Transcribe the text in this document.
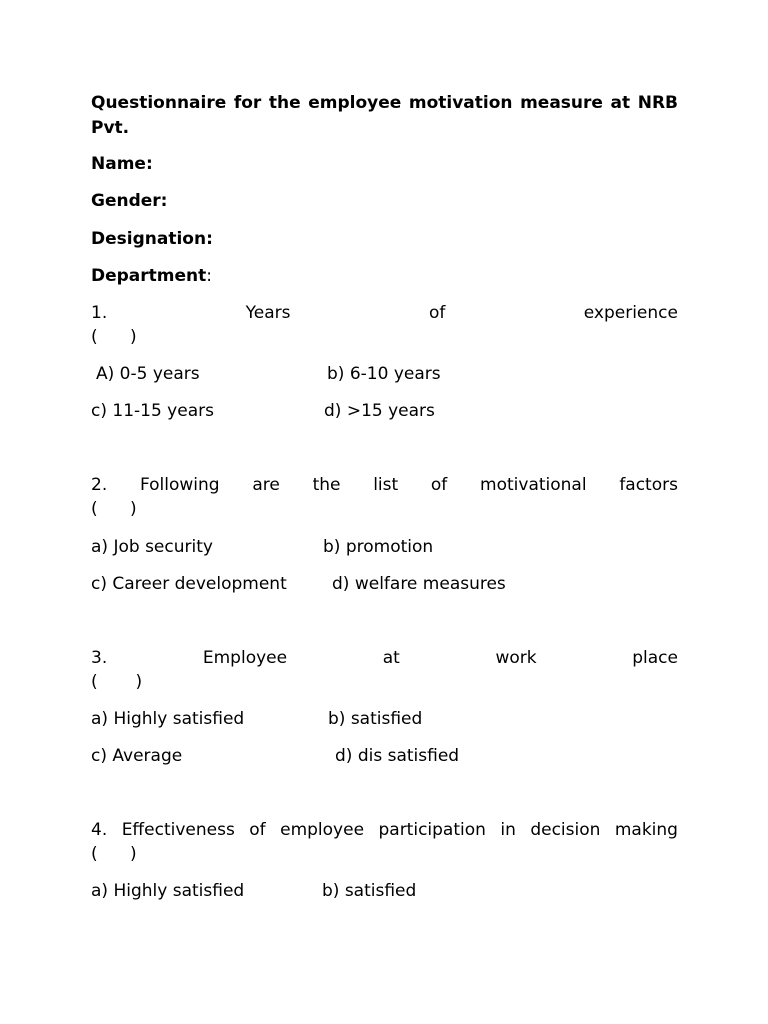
Questionnaire for the employee motivation measure at NRB Pvt.
Name:
Gender:
Designation:
Department:
1.	Years	of	experience
(      )
A) 0-5 years	b) 6-10 years
c) 11-15 years	d) >15 years
2. Following are the list of motivational factors
(      )
a) Job security	b) promotion
c) Career development	d) welfare measures
3.	Employee	at	work	place
(       )
a) Highly satisfied	b) satisfied
c) Average	d) dis satisfied
4. Effectiveness of employee participation in decision making
(      )
a) Highly satisfied	b) satisfied
